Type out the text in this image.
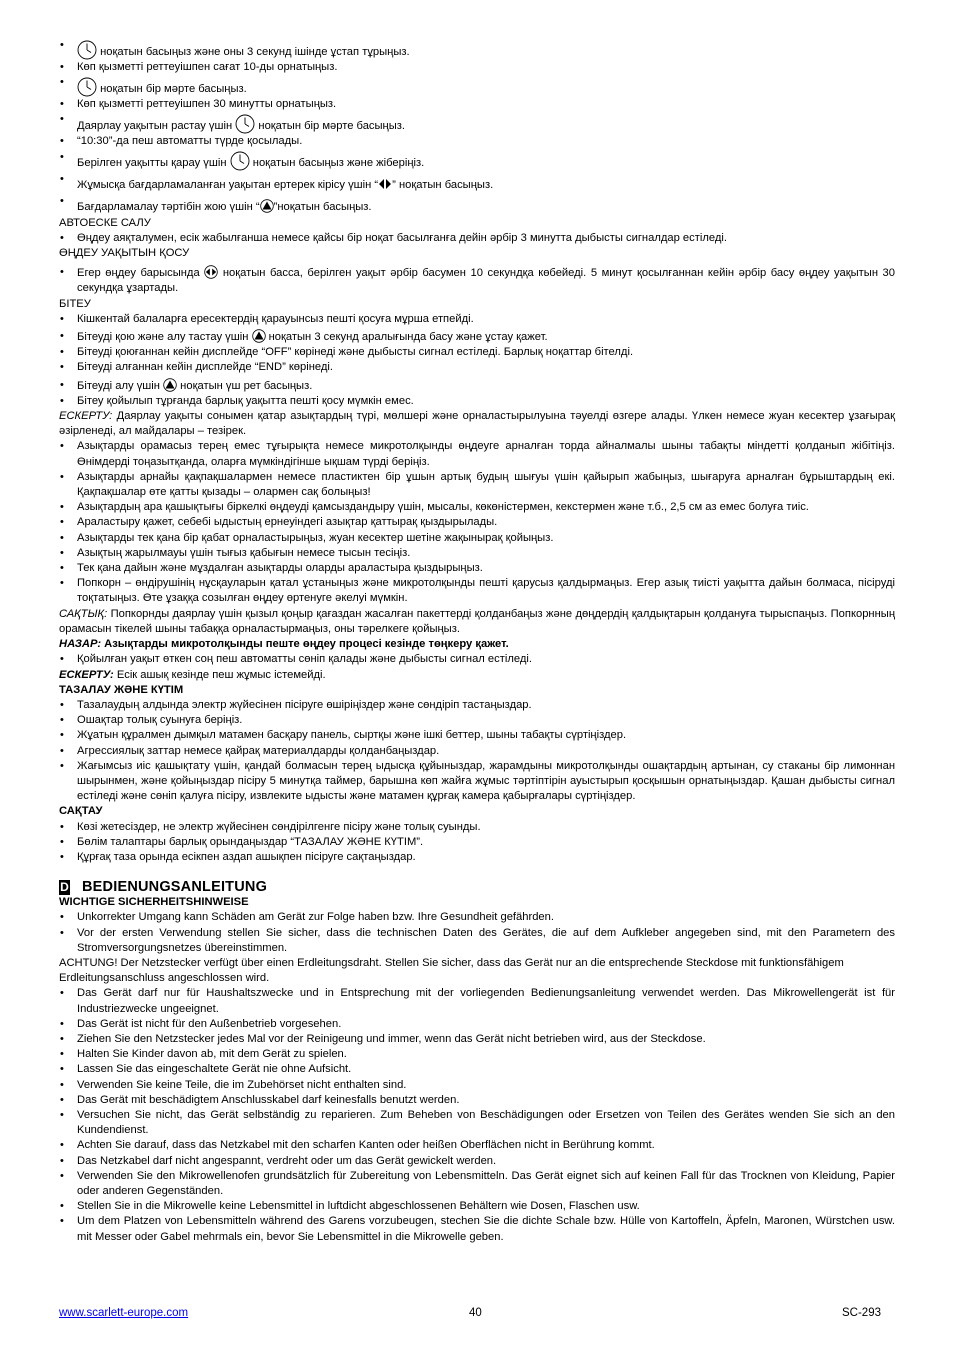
• ноқатын басыңыз және оны 3 секунд ішінде ұстап тұрыңыз.
• Көп қызметті реттеуішпен сағат 10-ды орнатыңыз.
• ноқатын бір мәрте басыңыз.
• Көп қызметті реттеуішпен 30 минутты орнатыңыз.
• Даярлау уақытын растау үшін ноқатын бір мәрте басыңыз.
• “10:30”-да пеш автоматты түрде қосылады.
• Берілген уақытты қарау үшін ноқатын басыңыз және жіберіңіз.
• Жұмысқа бағдарламаланған уақытан ертерек кірісу үшін “ ” ноқатын басыңыз.
• Бағдарламалау тәртібін жою үшін “ ”ноқатын басыңыз.
АВТОЕСКЕ САЛУ
• Өңдеу аяқталумен, есік жабылғанша немесе қайсы бір ноқат басылғанға дейін әрбір 3 минутта дыбысты сигналдар естіледі.
ӨҢДЕУ УАҚЫТЫН ҚОСУ
• Егер өңдеу барысында ноқатын басса, берілген уақыт әрбір басумен 10 секундқа көбейеді. 5 минут қосылғаннан кейін әрбір басу өңдеу уақытын 30 секундқа ұзартады.
БІТЕУ
• Кішкентай балаларға ересектердің қарауынсыз пешті қосуға мұрша етпейді.
• Бітеуді қою және алу тастау үшін ноқатын 3 секунд аралығында басу және ұстау қажет.
• Бітеуді қоюғаннан кейін дисплейде “OFF” көрінеді және дыбысты сигнал естіледі. Барлық ноқаттар бітелді.
• Бітеуді алғаннан кейін дисплейде “END” көрінеді.
• Бітеуді алу үшін ноқатын үш рет басыңыз.
• Бітеу қойылып тұрғанда барлық уақытта пешті қосу мүмкін емес.
ЕСКЕРТУ: Даярлау уақыты сонымен қатар азықтардың түрі, мөлшері және орналастырылуына тәуелді өзгере алады. Үлкен немесе жуан кесектер ұзағырақ әзірленеді, ал майдалары – тезірек.
• Азықтарды орамасыз терең емес тұғырықта немесе микротолқынды өңдеуге арналған торда айналмалы шыны табақты міндетті қолданып жібітіңіз. Өнімдерді тоңазытқанда, оларға мүмкіндігінше ықшам түрді беріңіз.
• Азықтарды арнайы қақпақшалармен немесе пластиктен бір ұшын артық будың шығуы үшін қайырып жабыңыз, шығаруға арналған бұрыштардың екі. Қақпақшалар өте қатты қызады – олармен сақ болыңыз!
• Азықтардың ара қашықтығы біркелкі өңдеуді қамсыздандыру үшін, мысалы, көкөністермен, кекстермен және т.б., 2,5 см аз емес болуға тиіс.
• Араластыру қажет, себебі ыдыстың ернеуіндегі азықтар қаттырақ қыздырылады.
• Азықтарды тек қана бір қабат орналастырыңыз, жуан кесектер шетіне жақынырақ қойыңыз.
• Азықтың жарылмауы үшін тығыз қабығын немесе тысын тесіңіз.
• Тек қана дайын және мұздалған азықтарды оларды араластыра қыздырыңыз.
• Попкорн – өндірушінің нұсқауларын қатал ұстаныңыз және микротолқынды пешті қарусыз қалдырмаңыз. Егер азық тиісті уақытта дайын болмаса, пісіруді тоқтатыңыз. Өте ұзаққа созылған өңдеу өртенуге әкелуі мүмкін.
САҚТЫҚ: Попкорнды даярлау үшін қызыл қоңыр қағаздан жасалған пакеттерді қолданбаңыз және дөңдердің қалдықтарын қолдануға тырыспаңыз. Попкорнның орамасын тікелей шыны табаққа орналастырмаңыз, оны тәрелкеге қойыңыз.
НАЗАР: Азықтарды микротолқынды пеште өңдеу процесі кезінде төңкеру қажет.
• Қойылған уақыт өткен соң пеш автоматты сөніп қалады және дыбысты сигнал естіледі.
ЕСКЕРТУ: Есік ашық кезінде пеш жұмыс істемейді.
ТАЗАЛАУ ЖӘНЕ КҮТІМ
• Тазалаудың алдында электр жүйесінен пісіруге өшіріңіздер және сөндіріп тастаңыздар.
• Ошақтар толық суынуға беріңіз.
• Жұатын құралмен дымқыл матамен басқару панель, сыртқы және ішкі беттер, шыны табақты сүртіңіздер.
• Агрессиялық заттар немесе қайрақ материалдарды қолданбаңыздар.
• Жағымсыз иіс қашықтату үшін, қандай болмасын терең ыдысқа құйыныздар, жарамдыны микротолқынды ошақтардың артынан, су стаканы бір лимоннан шырынмен, және қойыңыздар пісіру 5 минутқа таймер, барышна көп жайға жұмыс тәртіптірін ауыстырып қосқышын орнатыңыздар. Қашан дыбысты сигнал естіледі және сөніп қалуға пісіру, извлеките ыдысты және матамен құрғақ камера қабырғалары сүртіңіздер.
САҚТАУ
• Көзі жетесіздер, не электр жүйесінен сөндірілгенге пісіру және толық суынды.
• Бөлім талаптары барлық орындаңыздар “ТАЗАЛАУ ЖӘНЕ КҮТІМ”.
• Құрғақ таза орында есікпен аздап ашықпен пісіруге сақтаңыздар.
D BEDIENUNGSANLEITUNG
WICHTIGE SICHERHEITSHINWEISE
• Unkorrekter Umgang kann Schäden am Gerät zur Folge haben bzw. Ihre Gesundheit gefährden.
• Vor der ersten Verwendung stellen Sie sicher, dass die technischen Daten des Gerätes, die auf dem Aufkleber angegeben sind, mit den Parametern des Stromversorgungsnetzes übereinstimmen.
ACHTUNG! Der Netzstecker verfügt über einen Erdleitungsdraht. Stellen Sie sicher, dass das Gerät nur an die entsprechende Steckdose mit funktionsfähigem
Erdleitungsanschluss angeschlossen wird.
• Das Gerät darf nur für Haushaltszwecke und in Entsprechung mit der vorliegenden Bedienungsanleitung verwendet werden. Das Mikrowellengerät ist für Industriezwecke ungeeignet.
• Das Gerät ist nicht für den Außenbetrieb vorgesehen.
• Ziehen Sie den Netzstecker jedes Mal vor der Reinigeung und immer, wenn das Gerät nicht betrieben wird, aus der Steckdose.
• Halten Sie Kinder davon ab, mit dem Gerät zu spielen.
• Lassen Sie das eingeschaltete Gerät nie ohne Aufsicht.
• Verwenden Sie keine Teile, die im Zubehörset nicht enthalten sind.
• Das Gerät mit beschädigtem Anschlusskabel darf keinesfalls benutzt werden.
• Versuchen Sie nicht, das Gerät selbständig zu reparieren. Zum Beheben von Beschädigungen oder Ersetzen von Teilen des Gerätes wenden Sie sich an den Kundendienst.
• Achten Sie darauf, dass das Netzkabel mit den scharfen Kanten oder heißen Oberflächen nicht in Berührung kommt.
• Das Netzkabel darf nicht angespannt, verdreht oder um das Gerät gewickelt werden.
• Verwenden Sie den Mikrowellenofen grundsätzlich für Zubereitung von Lebensmitteln. Das Gerät eignet sich auf keinen Fall für das Trocknen von Kleidung, Papier oder anderen Gegenständen.
• Stellen Sie in die Mikrowelle keine Lebensmittel in luftdicht abgeschlossenen Behältern wie Dosen, Flaschen usw.
• Um dem Platzen von Lebensmitteln während des Garens vorzubeugen, stechen Sie die dichte Schale bzw. Hülle von Kartoffeln, Äpfeln, Maronen, Würstchen usw. mit Messer oder Gabel mehrmals ein, bevor Sie Lebensmittel in die Mikrowelle geben.
www.scarlett-europe.com	40	SC-293
